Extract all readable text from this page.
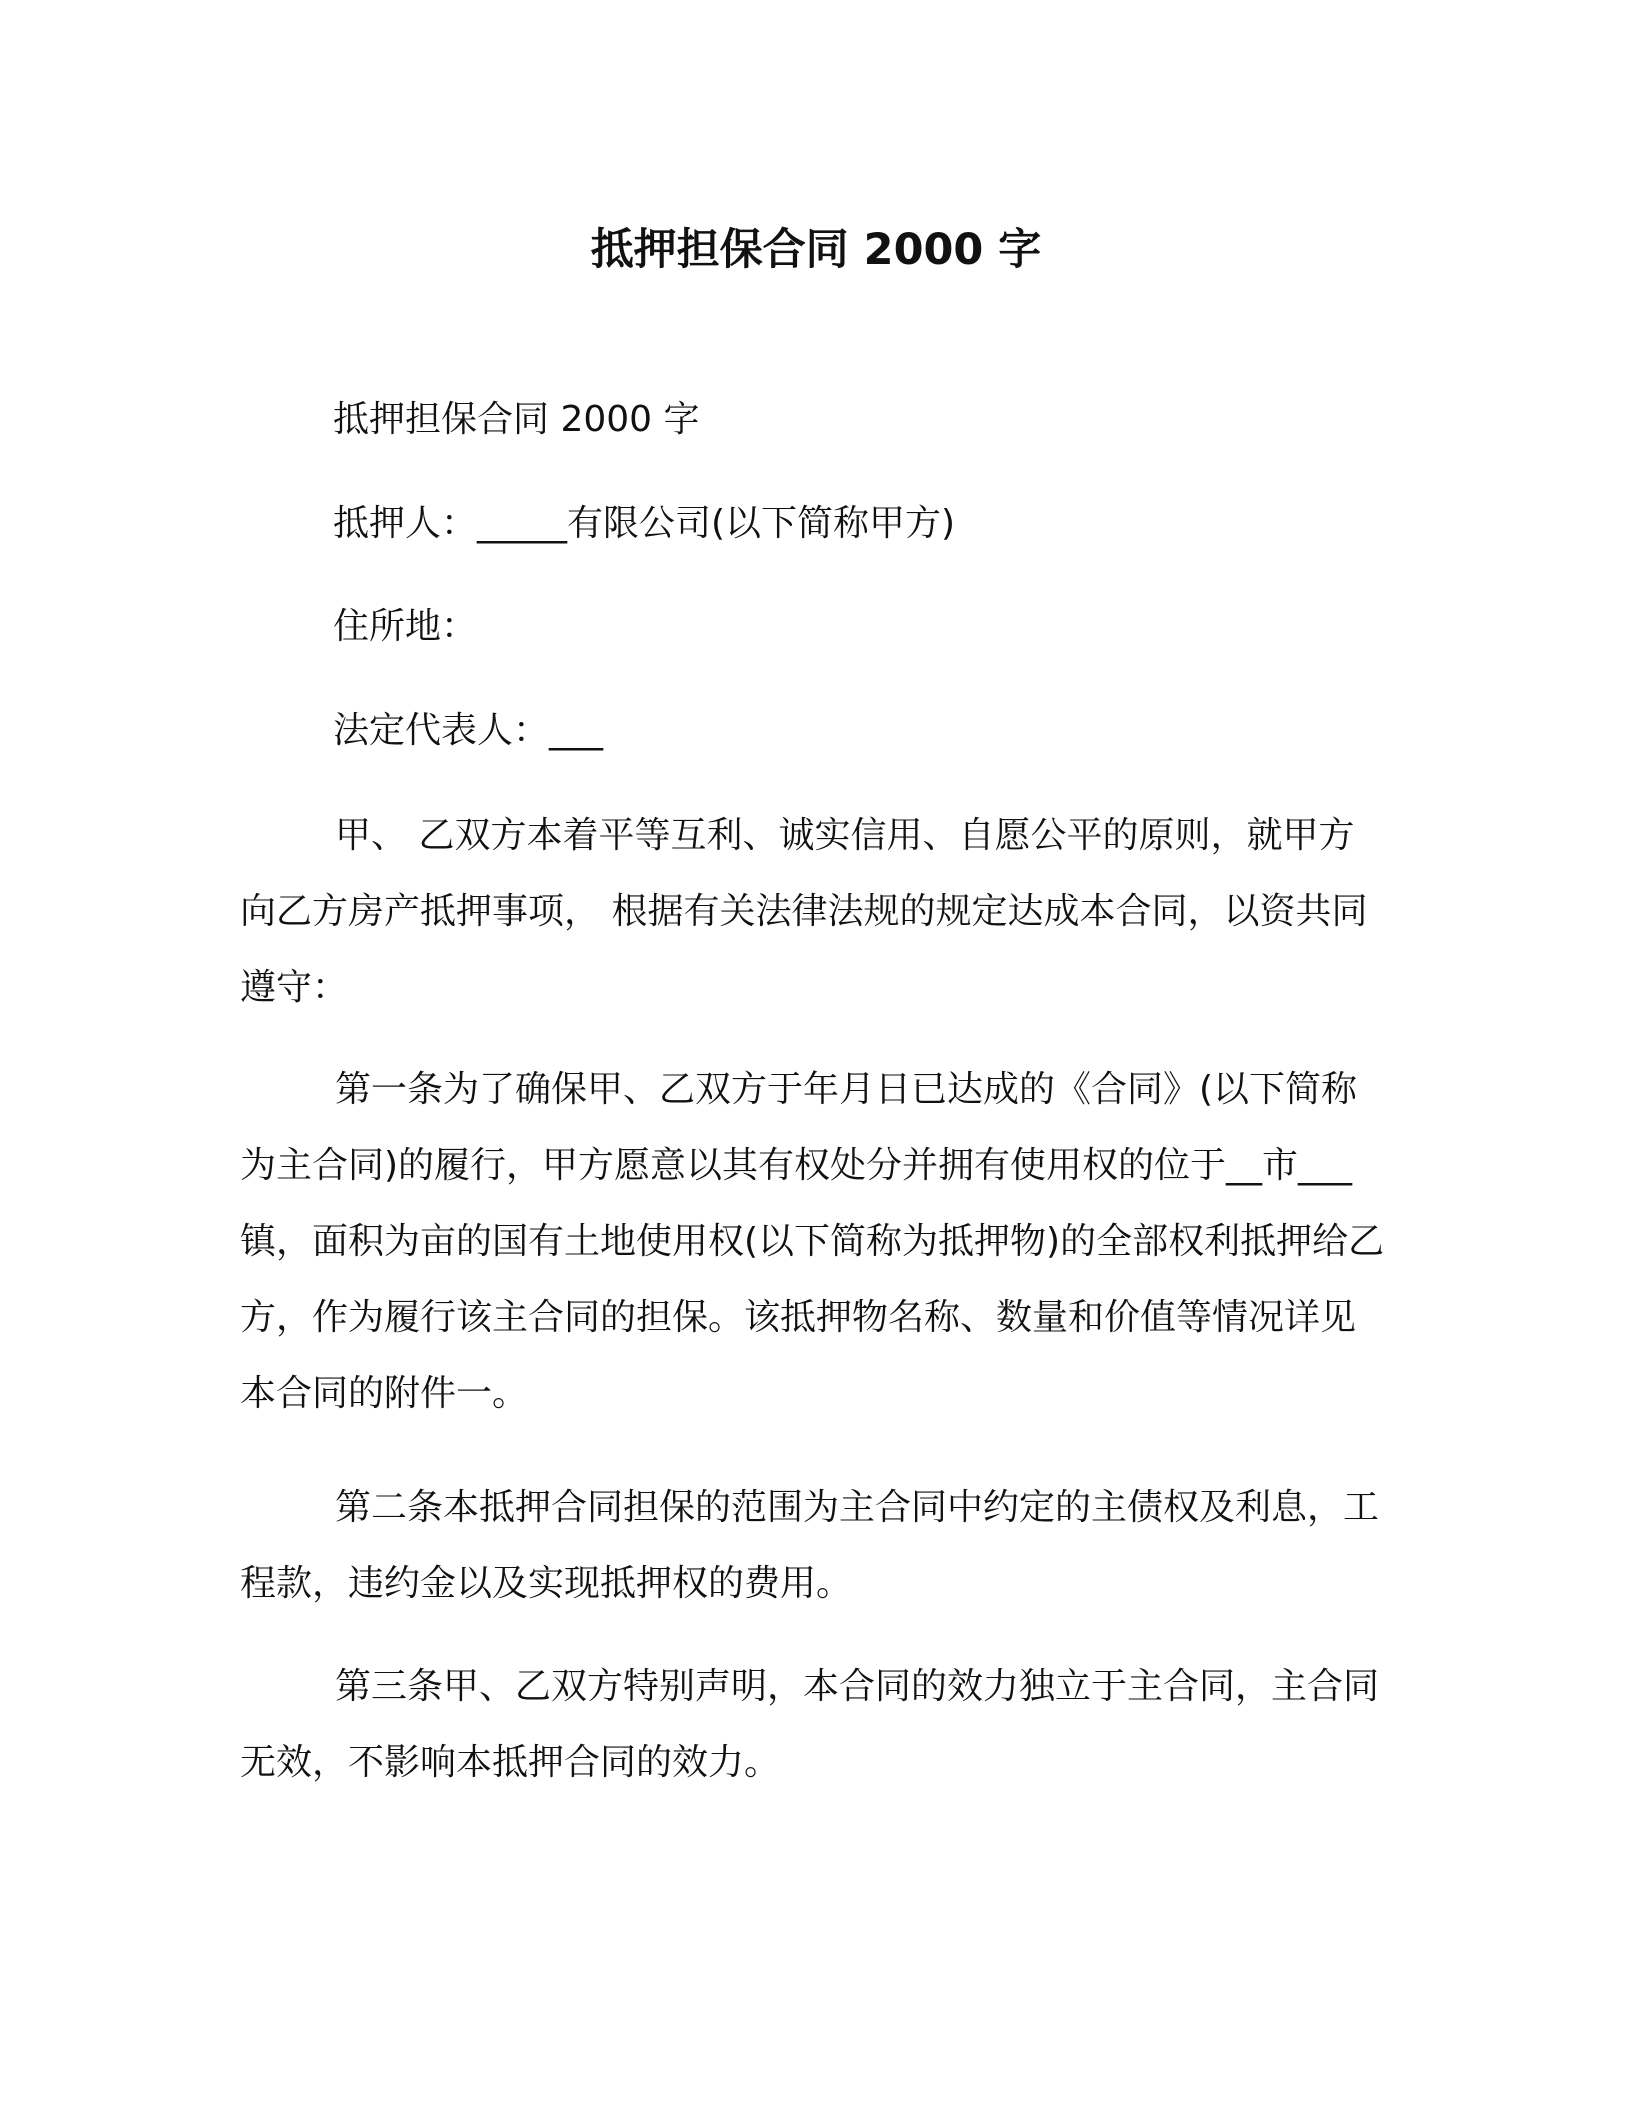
抵押担保合同 2000 字
抵押担保合同 2000 字
抵押人：_____有限公司(以下简称甲方)
住所地：
法定代表人：___
甲、 乙双方本着平等互利、诚实信用、自愿公平的原则，就甲方向乙方房产抵押事项， 根据有关法律法规的规定达成本合同，以资共同遵守：
第一条为了确保甲、乙双方于年月日已达成的《合同》(以下简称为主合同)的履行，甲方愿意以其有权处分并拥有使用权的位于__市___镇，面积为亩的国有土地使用权(以下简称为抵押物)的全部权利抵押给乙方，作为履行该主合同的担保。该抵押物名称、数量和价值等情况详见本合同的附件一。
第二条本抵押合同担保的范围为主合同中约定的主债权及利息，工程款，违约金以及实现抵押权的费用。
第三条甲、乙双方特别声明，本合同的效力独立于主合同，主合同无效，不影响本抵押合同的效力。
